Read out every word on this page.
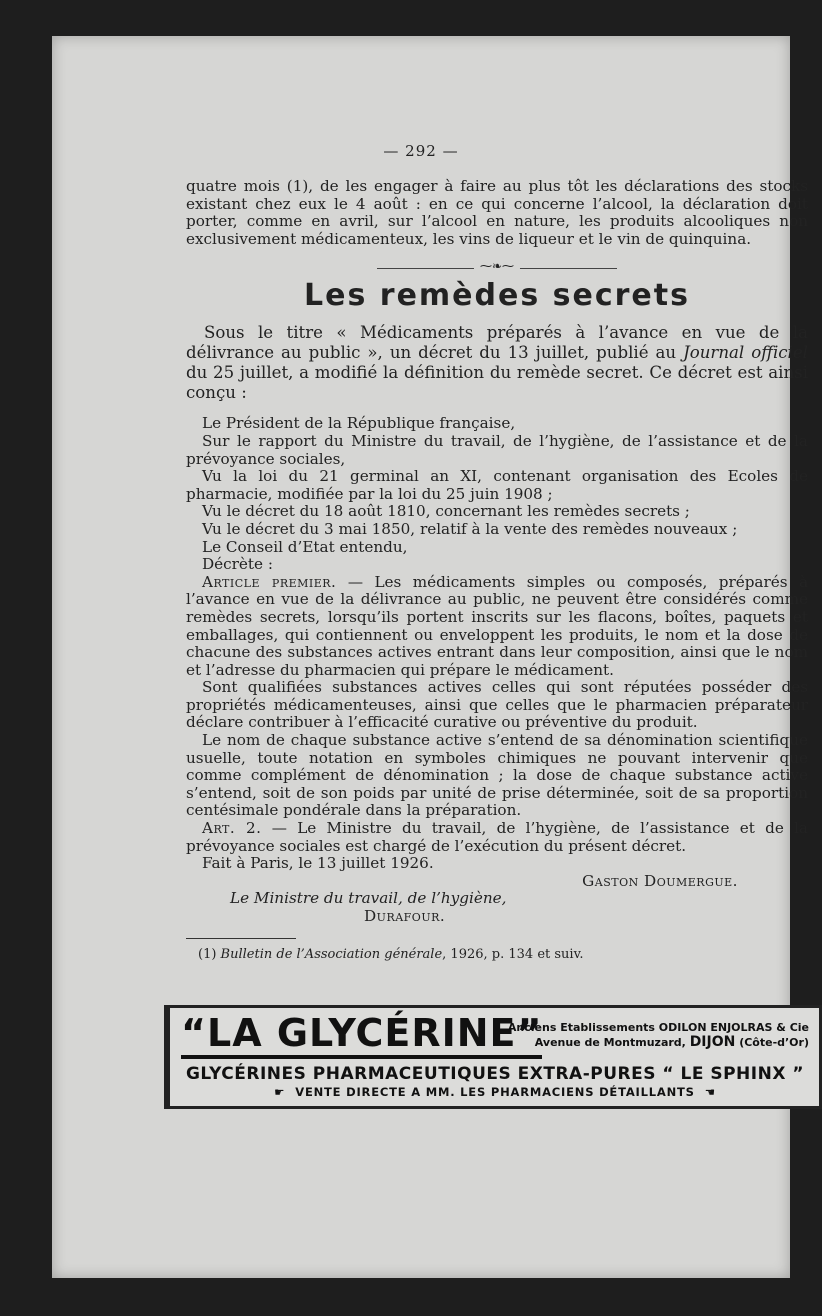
— 292 —

quatre mois (1), de les engager à faire au plus tôt les déclarations des stocks existant chez eux le 4 août : en ce qui concerne l’alcool, la déclaration doit porter, comme en avril, sur l’alcool en nature, les produits alcooliques non exclusivement médicamenteux, les vins de liqueur et le vin de quinquina.

⁓❧⁓
Les remèdes secrets

Sous le titre « Médicaments préparés à l’avance en vue de la délivrance au public », un décret du 13 juillet, publié au Journal officiel du 25 juillet, a modifié la définition du remède secret. Ce décret est ainsi conçu :

Le Président de la République française,

Sur le rapport du Ministre du travail, de l’hygiène, de l’assistance et de la prévoyance sociales,

Vu la loi du 21 germinal an XI, contenant organisation des Ecoles de pharmacie, modifiée par la loi du 25 juin 1908 ;

Vu le décret du 18 août 1810, concernant les remèdes secrets ;

Vu le décret du 3 mai 1850, relatif à la vente des remèdes nouveaux ;

Le Conseil d’Etat entendu,

Décrète :

Article premier. — Les médicaments simples ou composés, préparés à l’avance en vue de la délivrance au public, ne peuvent être considérés comme remèdes secrets, lorsqu’ils portent inscrits sur les flacons, boîtes, paquets et emballages, qui contiennent ou enveloppent les produits, le nom et la dose de chacune des substances actives entrant dans leur composition, ainsi que le nom et l’adresse du pharmacien qui prépare le médicament.

Sont qualifiées substances actives celles qui sont réputées posséder des propriétés médicamenteuses, ainsi que celles que le pharmacien préparateur déclare contribuer à l’efficacité curative ou préventive du produit.

Le nom de chaque substance active s’entend de sa dénomination scientifique usuelle, toute notation en symboles chimiques ne pouvant intervenir que comme complément de dénomination ; la dose de chaque substance active s’entend, soit de son poids par unité de prise déterminée, soit de sa proportion centésimale pondérale dans la préparation.

Art. 2. — Le Ministre du travail, de l’hygiène, de l’assistance et de la prévoyance sociales est chargé de l’exécution du présent décret.

Fait à Paris, le 13 juillet 1926.

Gaston Doumergue.

Le Ministre du travail, de l’hygiène,

Durafour.

(1) Bulletin de l’Association générale, 1926, p. 134 et suiv.

“LA GLYCÉRINE”
Anciens Etablissements ODILON ENJOLRAS & Cie
Avenue de Montmuzard, DIJON (Côte-d’Or)
GLYCÉRINES PHARMACEUTIQUES EXTRA-PURES “ LE SPHINX ”
☛ VENTE DIRECTE A MM. LES PHARMACIENS DÉTAILLANTS ☚
